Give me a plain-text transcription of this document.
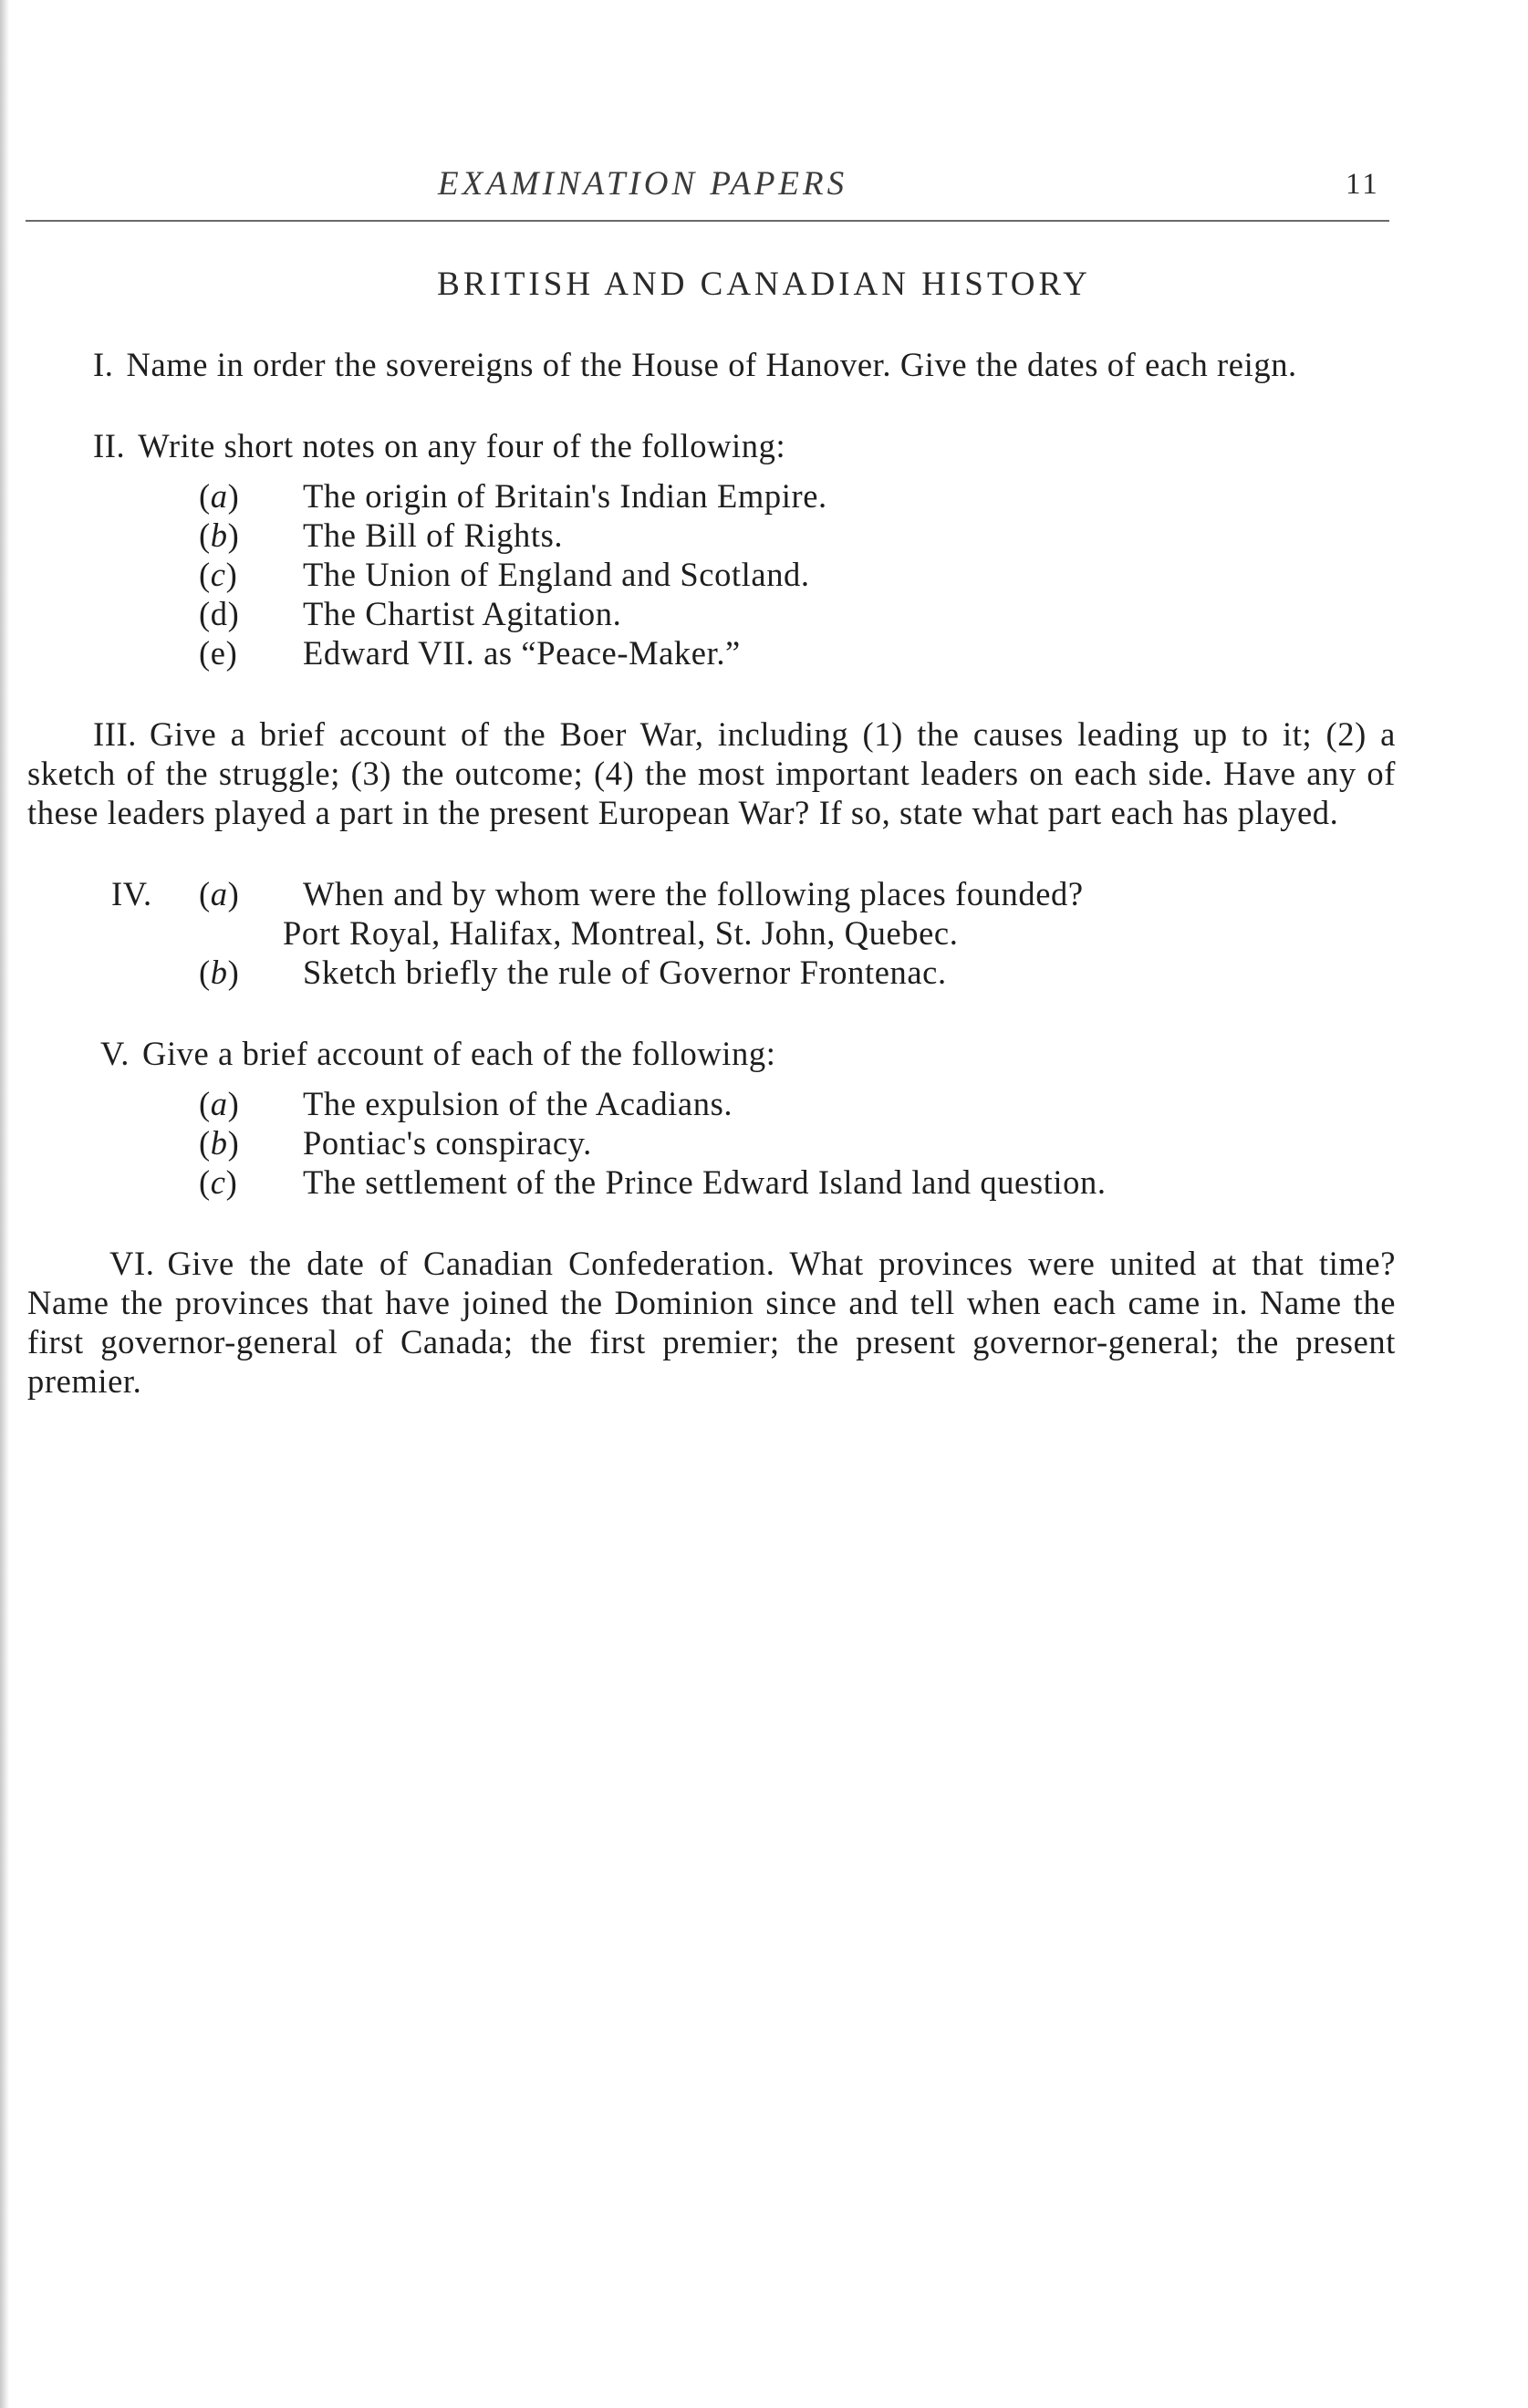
EXAMINATION PAPERS	11
BRITISH AND CANADIAN HISTORY

I. Name in order the sovereigns of the House of Hanover. Give the dates of each reign.

II. Write short notes on any four of the following:

(a) The origin of Britain's Indian Empire.
(b) The Bill of Rights.
(c) The Union of England and Scotland.
(d) The Chartist Agitation.
(e) Edward VII. as “Peace-Maker.”

III. Give a brief account of the Boer War, including (1) the causes leading up to it; (2) a sketch of the struggle; (3) the outcome; (4) the most important leaders on each side. Have any of these leaders played a part in the present European War? If so, state what part each has played.

IV. (a) When and by whom were the following places founded?
Port Royal, Halifax, Montreal, St. John, Quebec.
(b) Sketch briefly the rule of Governor Frontenac.

V. Give a brief account of each of the following:

(a) The expulsion of the Acadians.
(b) Pontiac's conspiracy.
(c) The settlement of the Prince Edward Island land question.

VI. Give the date of Canadian Confederation. What provinces were united at that time? Name the provinces that have joined the Dominion since and tell when each came in. Name the first governor-general of Canada; the first premier; the present governor-general; the present premier.
